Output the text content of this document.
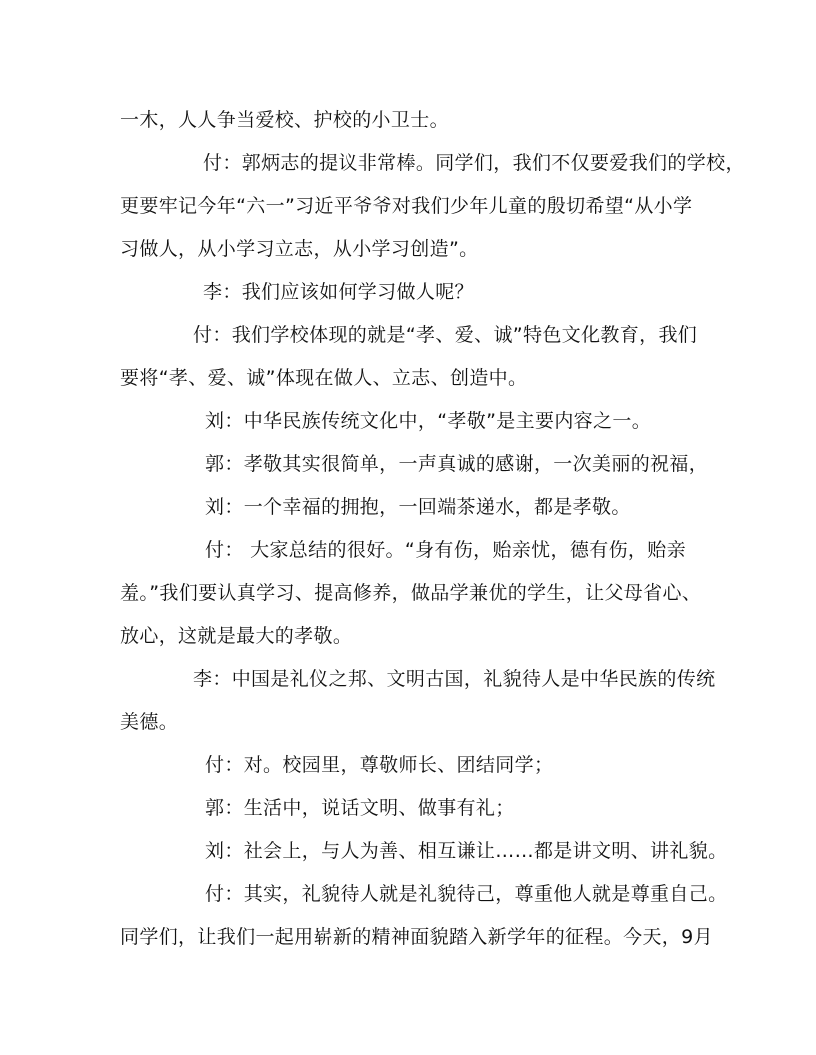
一木，人人争当爱校、护校的小卫士。
付：郭炳志的提议非常棒。同学们，我们不仅要爱我们的学校，
更要牢记今年“六一”习近平爷爷对我们少年儿童的殷切希望“从小学
习做人，从小学习立志，从小学习创造”。
李：我们应该如何学习做人呢？
付：我们学校体现的就是“孝、爱、诚”特色文化教育，我们
要将“孝、爱、诚”体现在做人、立志、创造中。
刘：中华民族传统文化中，“孝敬”是主要内容之一。
郭：孝敬其实很简单，一声真诚的感谢，一次美丽的祝福，
刘：一个幸福的拥抱，一回端茶递水，都是孝敬。
付： 大家总结的很好。“身有伤，贻亲忧，德有伤，贻亲
羞。”我们要认真学习、提高修养，做品学兼优的学生，让父母省心、
放心，这就是最大的孝敬。
李：中国是礼仪之邦、文明古国，礼貌待人是中华民族的传统
美德。
付：对。校园里，尊敬师长、团结同学；
郭：生活中，说话文明、做事有礼；
刘：社会上，与人为善、相互谦让……都是讲文明、讲礼貌。
付：其实，礼貌待人就是礼貌待己，尊重他人就是尊重自己。
同学们，让我们一起用崭新的精神面貌踏入新学年的征程。今天，9月
